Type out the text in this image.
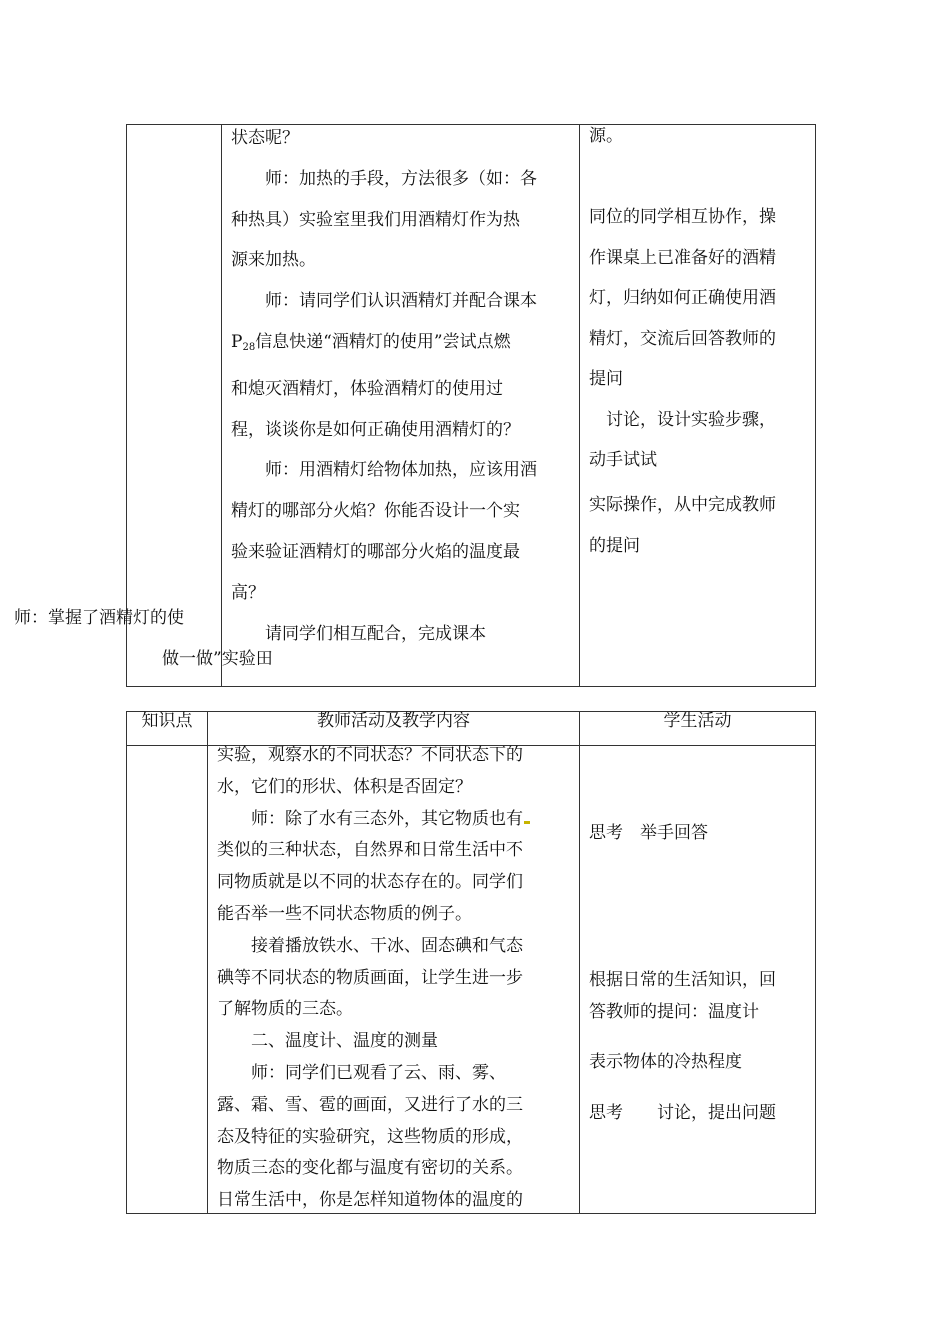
状态呢？

师：加热的手段，方法很多（如：各

种热具）实验室里我们用酒精灯作为热

源来加热。

师：请同学们认识酒精灯并配合课本

$P_{28}$信息快递“酒精灯的使用”尝试点燃

和熄灭酒精灯，体验酒精灯的使用过

程，谈谈你是如何正确使用酒精灯的？

师：用酒精灯给物体加热，应该用酒

精灯的哪部分火焰？你能否设计一个实

验来验证酒精灯的哪部分火焰的温度最

高？

请同学们相互配合，完成课本

师：掌握了酒精灯的使
做一做”实验田

源。

同位的同学相互协作，操

作课桌上已准备好的酒精

灯，归纳如何正确使用酒

精灯，交流后回答教师的

提问

讨论，设计实验步骤，

动手试试

实际操作，从中完成教师

的提问

知识点	教师活动及教学内容	学生活动

实验，观察水的不同状态？不同状态下的

水，它们的形状、体积是否固定？

师：除了水有三态外，其它物质也有

类似的三种状态，自然界和日常生活中不

同物质就是以不同的状态存在的。同学们

能否举一些不同状态物质的例子。

接着播放铁水、干冰、固态碘和气态

碘等不同状态的物质画面，让学生进一步

了解物质的三态。

二、温度计、温度的测量

师：同学们已观看了云、雨、雾、

露、霜、雪、雹的画面，又进行了水的三

态及特征的实验研究，这些物质的形成，

物质三态的变化都与温度有密切的关系。

日常生活中，你是怎样知道物体的温度的

思考　举手回答
根据日常的生活知识，回
答教师的提问：温度计
表示物体的冷热程度
思考　　讨论，提出问题
